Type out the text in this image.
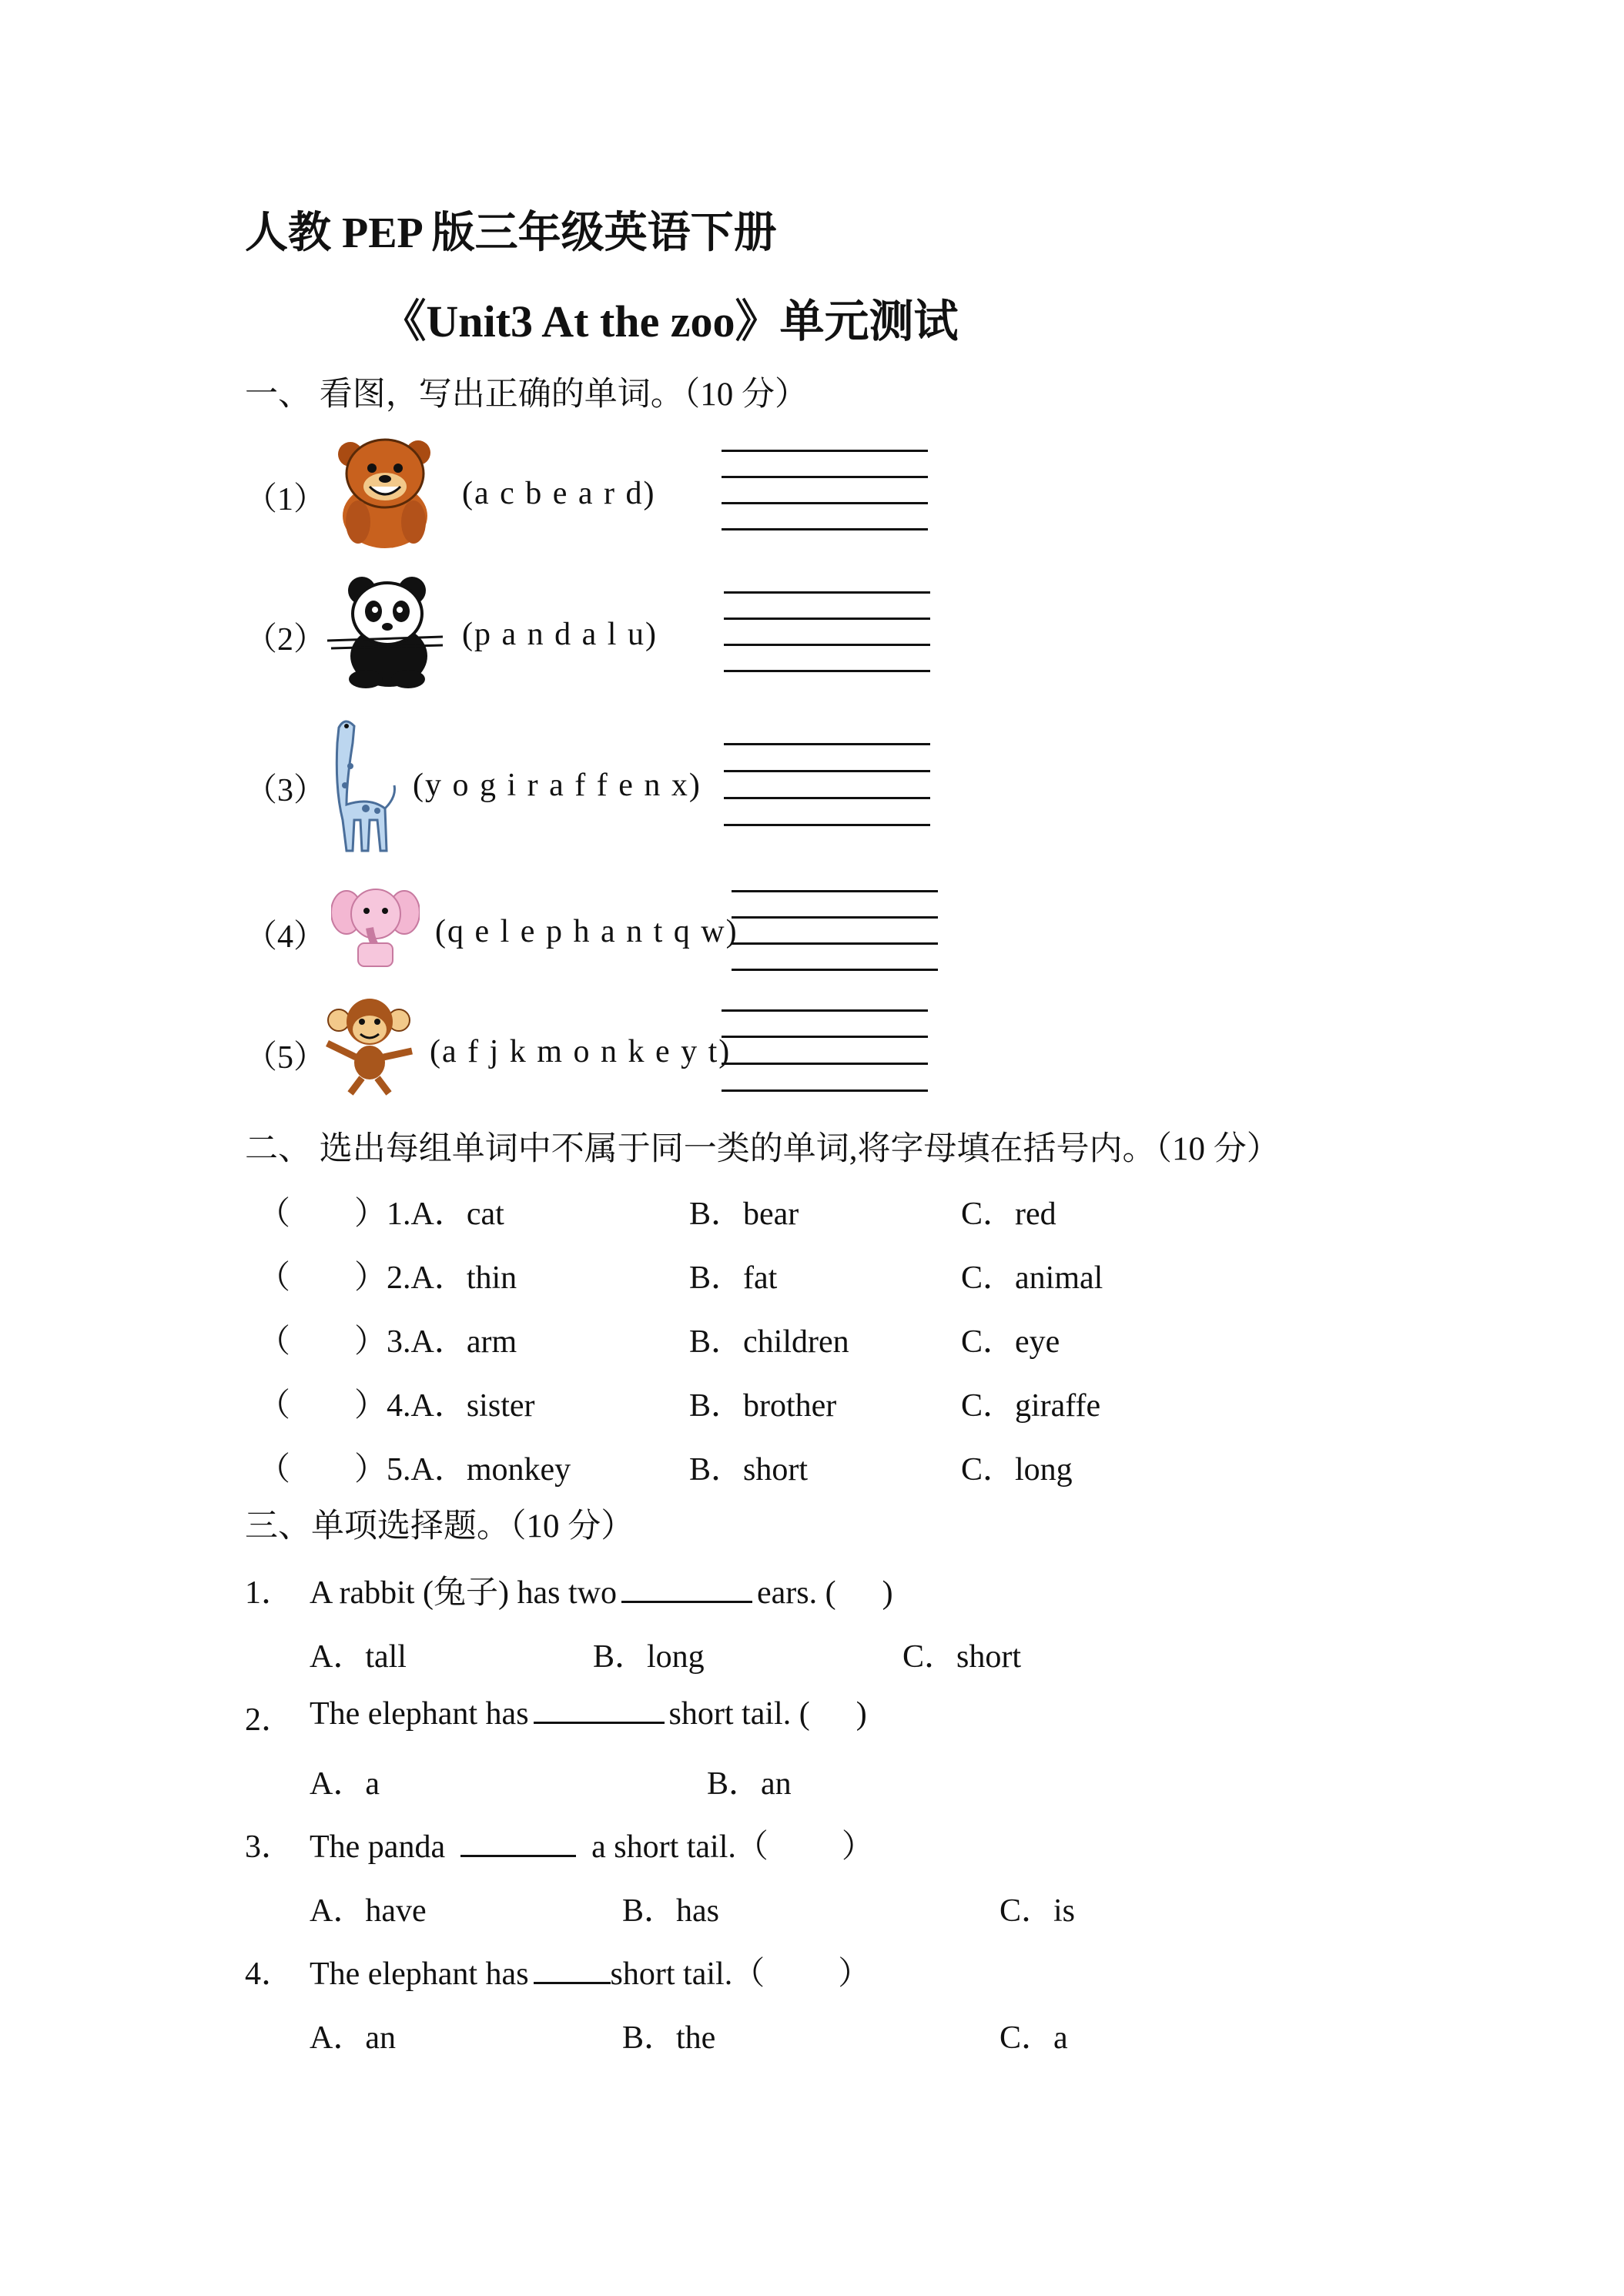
人教 PEP 版三年级英语下册
《Unit3 At the zoo》单元测试
一、 看图，写出正确的单词。（10 分）
（1）	(a c b e a r d)
（2）	(p a n d a l u)
（3）	(y o g i r a f f e n x)
（4）	(q e l e p h a n t q w)
（5）	(a f j k m o n k e y t)
二、 选出每组单词中不属于同一类的单词,将字母填在括号内。（10 分）
（ ）1.A．cat	B．bear	C．red
（ ）2.A．thin	B．fat	C．animal
（ ）3.A．arm	B．children	C．eye
（ ）4.A．sister	B．brother	C．giraffe
（ ）5.A．monkey	B．short	C．long
三、单项选择题。（10 分）
1． A rabbit (兔子) has two	ears. ( )
A．tall	B．long	C．short
2． The elephant has	short tail. ( )
A．a	B．an
3． The panda	a short tail.（ ）
A．have	B．has	C．is
4． The elephant has	short tail.（ ）
A．an	B．the	C．a
